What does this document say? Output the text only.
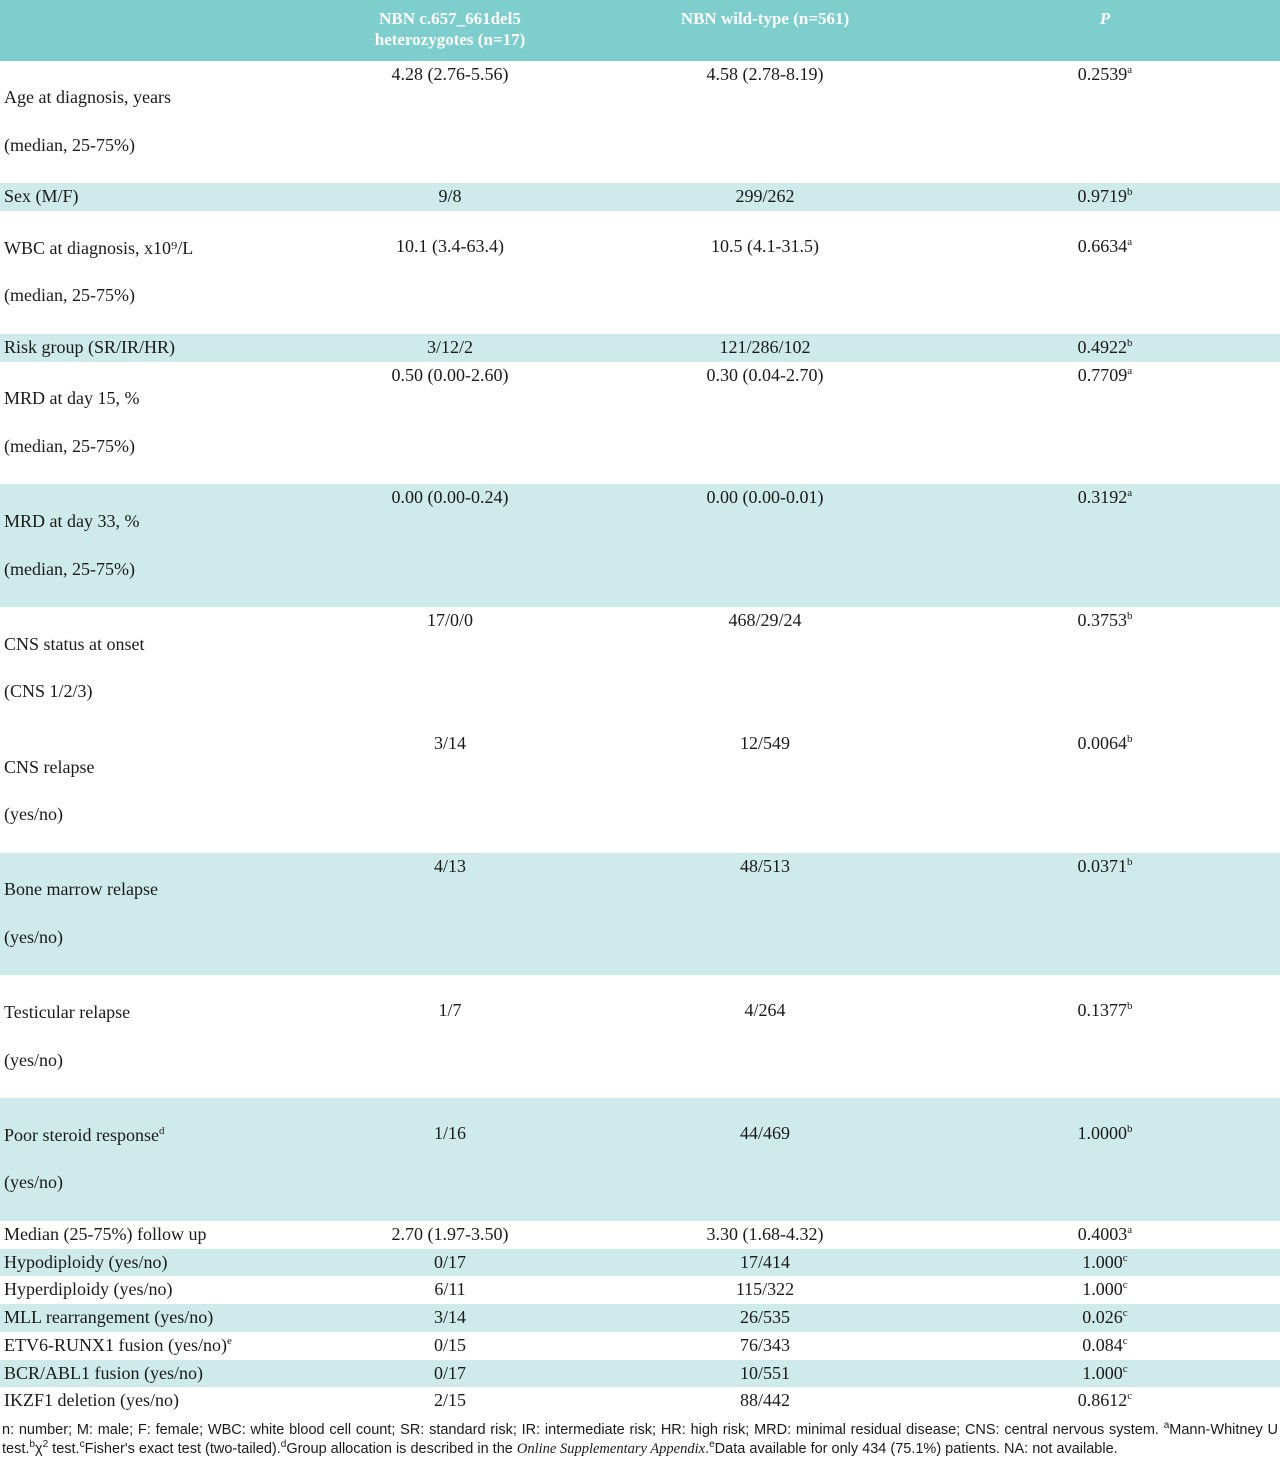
	NBN c.657_661del5
heterozygotes (n=17)	NBN wild-type (n=561)	P

Age at diagnosis, years

(median, 25-75%)	4.28 (2.76-5.56)	4.58 (2.78-8.19)	0.2539$^a$
Sex (M/F)	9/8	299/262	0.9719$^b$

WBC at diagnosis, x10⁹/L

(median, 25-75%)	10.1 (3.4-63.4)	10.5 (4.1-31.5)	0.6634$^a$
Risk group (SR/IR/HR)	3/12/2	121/286/102	0.4922$^b$

MRD at day 15, %

(median, 25-75%)	0.50 (0.00-2.60)	0.30 (0.04-2.70)	0.7709$^a$

MRD at day 33, %

(median, 25-75%)	0.00 (0.00-0.24)	0.00 (0.00-0.01)	0.3192$^a$

CNS status at onset

(CNS 1/2/3)	17/0/0	468/29/24	0.3753$^b$

CNS relapse

(yes/no)	3/14	12/549	0.0064$^b$

Bone marrow relapse

(yes/no)	4/13	48/513	0.0371$^b$

Testicular relapse

(yes/no)	1/7	4/264	0.1377$^b$

Poor steroid response$^d$

(yes/no)	1/16	44/469	1.0000$^b$
Median (25-75%) follow up	2.70 (1.97-3.50)	3.30 (1.68-4.32)	0.4003$^a$
Hypodiploidy (yes/no)	0/17	17/414	1.000$^c$
Hyperdiploidy (yes/no)	6/11	115/322	1.000$^c$
MLL rearrangement (yes/no)	3/14	26/535	0.026$^c$
ETV6-RUNX1 fusion $(yes/no)^e$	0/15	76/343	0.084$^c$
BCR/ABL1 fusion (yes/no)	0/17	10/551	1.000$^c$
IKZF1 deletion (yes/no)	2/15	88/442	0.8612$^c$
n: number; M: male; F: female; WBC: white blood cell count; SR: standard risk; IR: intermediate risk; HR: high risk; MRD: minimal residual disease; CNS: central nervous system. $^a$Mann-Whitney U $test.^b\chi^2$ test.$^c$Fisher's exact test (two-tailed).$^d$Group allocation is described in the Online Supplementary Appendix.$^e$Data available for only 434 (75.1%) patients. NA: not available.
